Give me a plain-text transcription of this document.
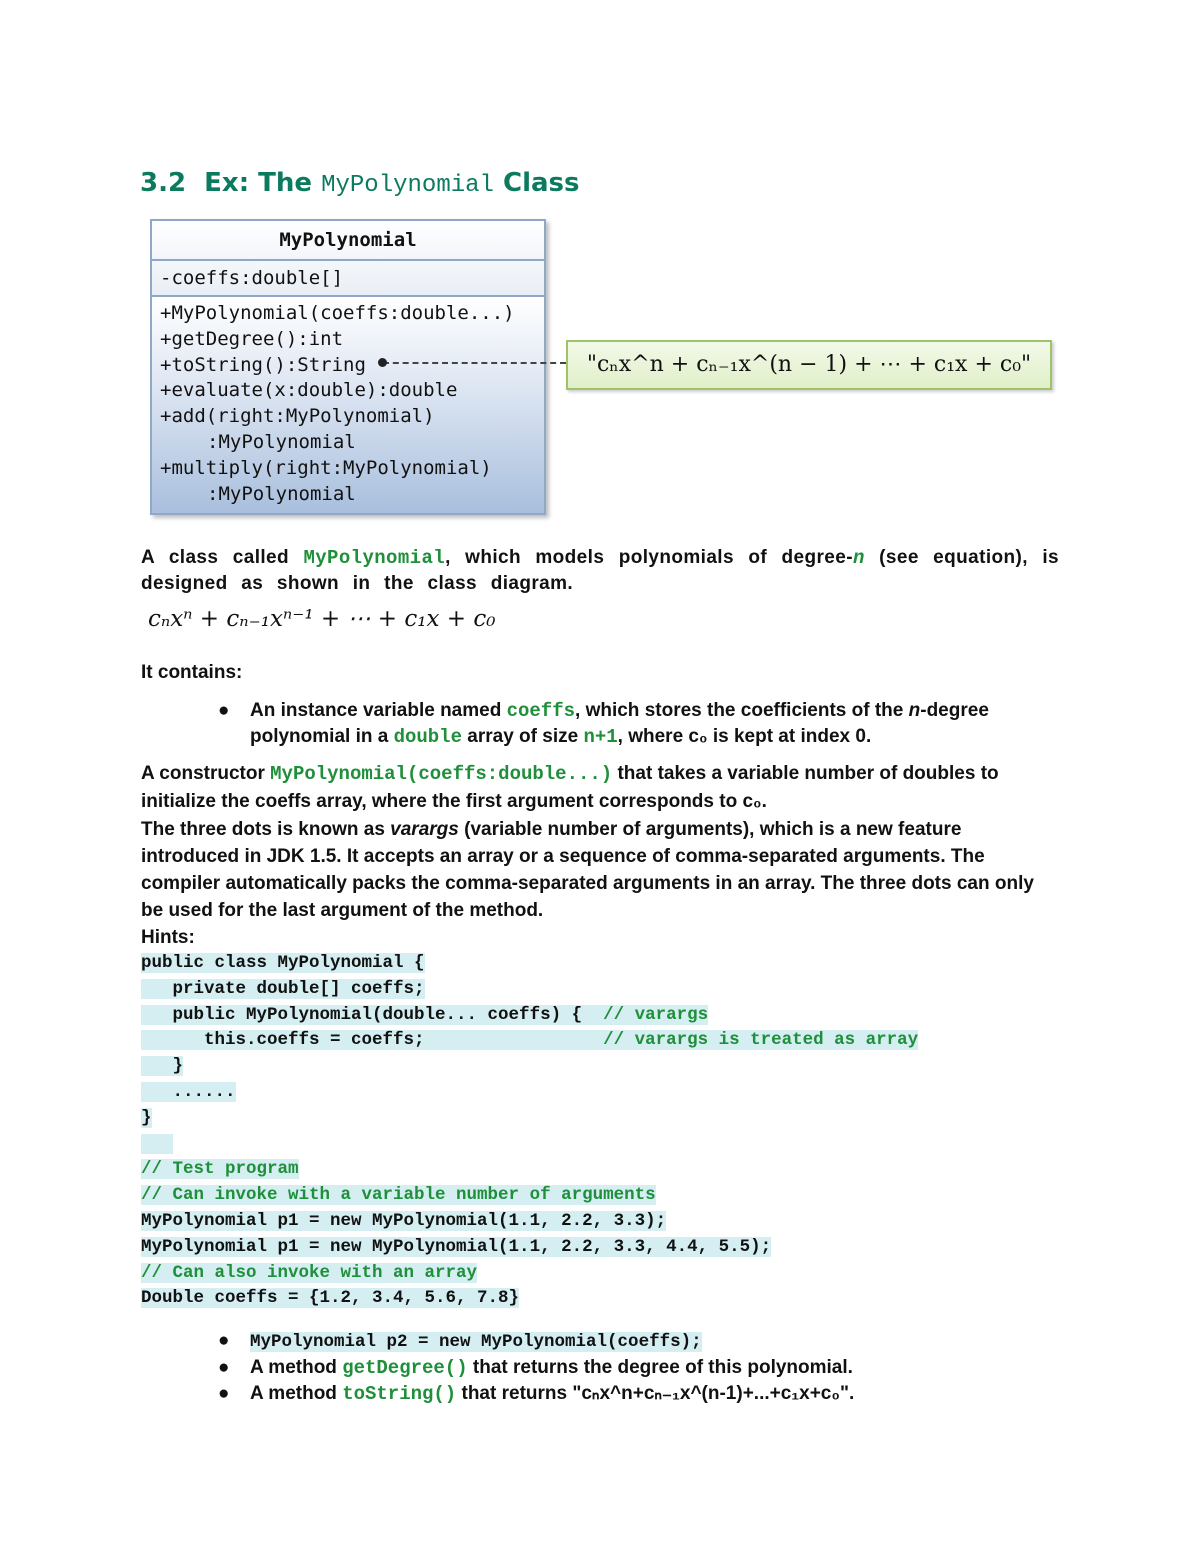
3.2 Ex: The MyPolynomial Class
MyPolynomial
-coeffs:double[]
+MyPolynomial(coeffs:double...)
+getDegree():int
+toString():String
+evaluate(x:double):double
+add(right:MyPolynomial)
:MyPolynomial
+multiply(right:MyPolynomial)
:MyPolynomial
"cₙx^n + cₙ₋₁x^(n − 1) + ⋯ + c₁x + c₀"
A class called MyPolynomial, which models polynomials of degree-n (see equation), is designed as shown in the class diagram.
cₙxⁿ + cₙ₋₁xⁿ⁻¹ + ⋯ + c₁x + c₀
It contains:
● An instance variable named coeffs, which stores the coefficients of the n-degree polynomial in a double array of size n+1, where c₀ is kept at index 0.
A constructor MyPolynomial(coeffs:double...) that takes a variable number of doubles to initialize the coeffs array, where the first argument corresponds to c₀.
The three dots is known as varargs (variable number of arguments), which is a new feature introduced in JDK 1.5. It accepts an array or a sequence of comma-separated arguments. The compiler automatically packs the comma-separated arguments in an array. The three dots can only be used for the last argument of the method.
Hints:
public class MyPolynomial {
private double[] coeffs;
public MyPolynomial(double... coeffs) {  // varargs
this.coeffs = coeffs;                 // varargs is treated as array
}
......
}

// Test program
// Can invoke with a variable number of arguments
MyPolynomial p1 = new MyPolynomial(1.1, 2.2, 3.3);
MyPolynomial p1 = new MyPolynomial(1.1, 2.2, 3.3, 4.4, 5.5);
// Can also invoke with an array
Double coeffs = {1.2, 3.4, 5.6, 7.8}
● MyPolynomial p2 = new MyPolynomial(coeffs);
● A method getDegree() that returns the degree of this polynomial.
● A method toString() that returns "cₙx^n+cₙ₋₁x^(n-1)+...+c₁x+c₀".
